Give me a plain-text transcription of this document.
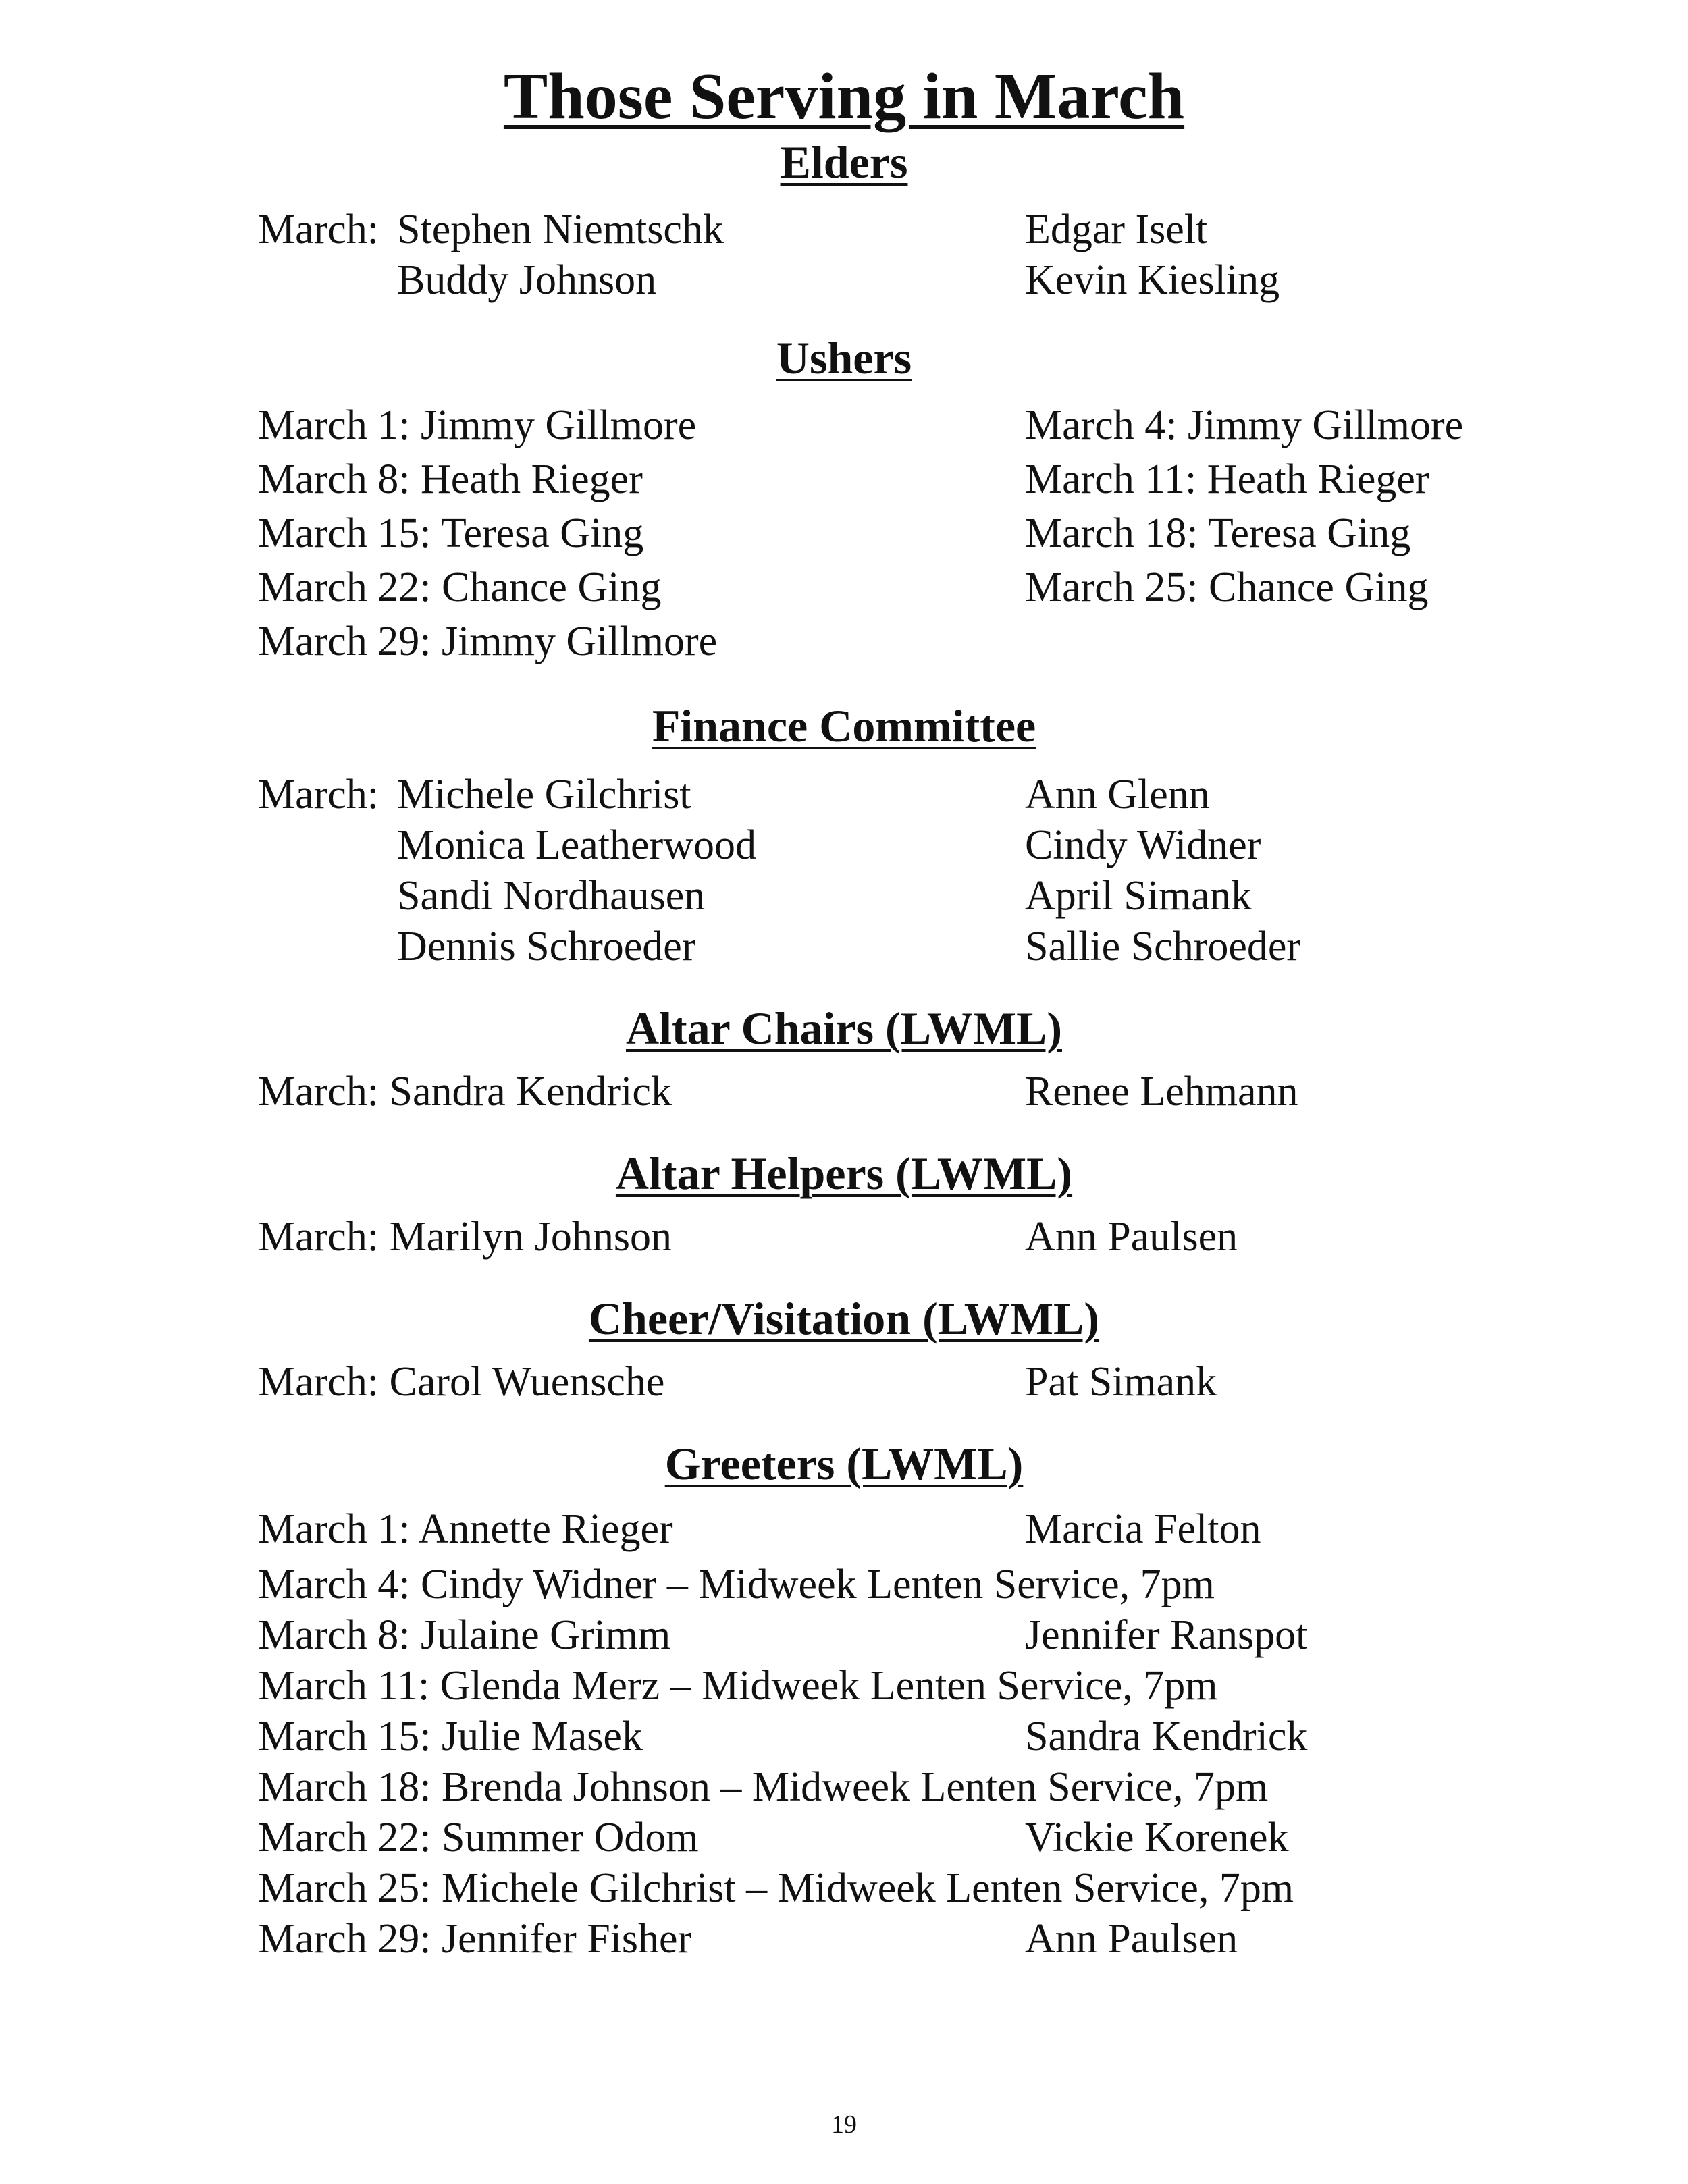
Those Serving in March
Elders
March: Stephen Niemtschk	Edgar Iselt
Buddy Johnson	Kevin Kiesling
Ushers
March 1: Jimmy Gillmore	March 4: Jimmy Gillmore
March 8: Heath Rieger	March 11: Heath Rieger
March 15: Teresa Ging	March 18: Teresa Ging
March 22: Chance Ging	March 25: Chance Ging
March 29: Jimmy Gillmore
Finance Committee
March: Michele Gilchrist	Ann Glenn
Monica Leatherwood	Cindy Widner
Sandi Nordhausen	April Simank
Dennis Schroeder	Sallie Schroeder
Altar Chairs (LWML)
March: Sandra Kendrick	Renee Lehmann
Altar Helpers (LWML)
March: Marilyn Johnson	Ann Paulsen
Cheer/Visitation (LWML)
March: Carol Wuensche	Pat Simank
Greeters (LWML)
March 1: Annette Rieger	Marcia Felton
March 4: Cindy Widner – Midweek Lenten Service, 7pm
March 8: Julaine Grimm	Jennifer Ranspot
March 11: Glenda Merz – Midweek Lenten Service, 7pm
March 15: Julie Masek	Sandra Kendrick
March 18: Brenda Johnson – Midweek Lenten Service, 7pm
March 22: Summer Odom	Vickie Korenek
March 25: Michele Gilchrist – Midweek Lenten Service, 7pm
March 29: Jennifer Fisher	Ann Paulsen
19
